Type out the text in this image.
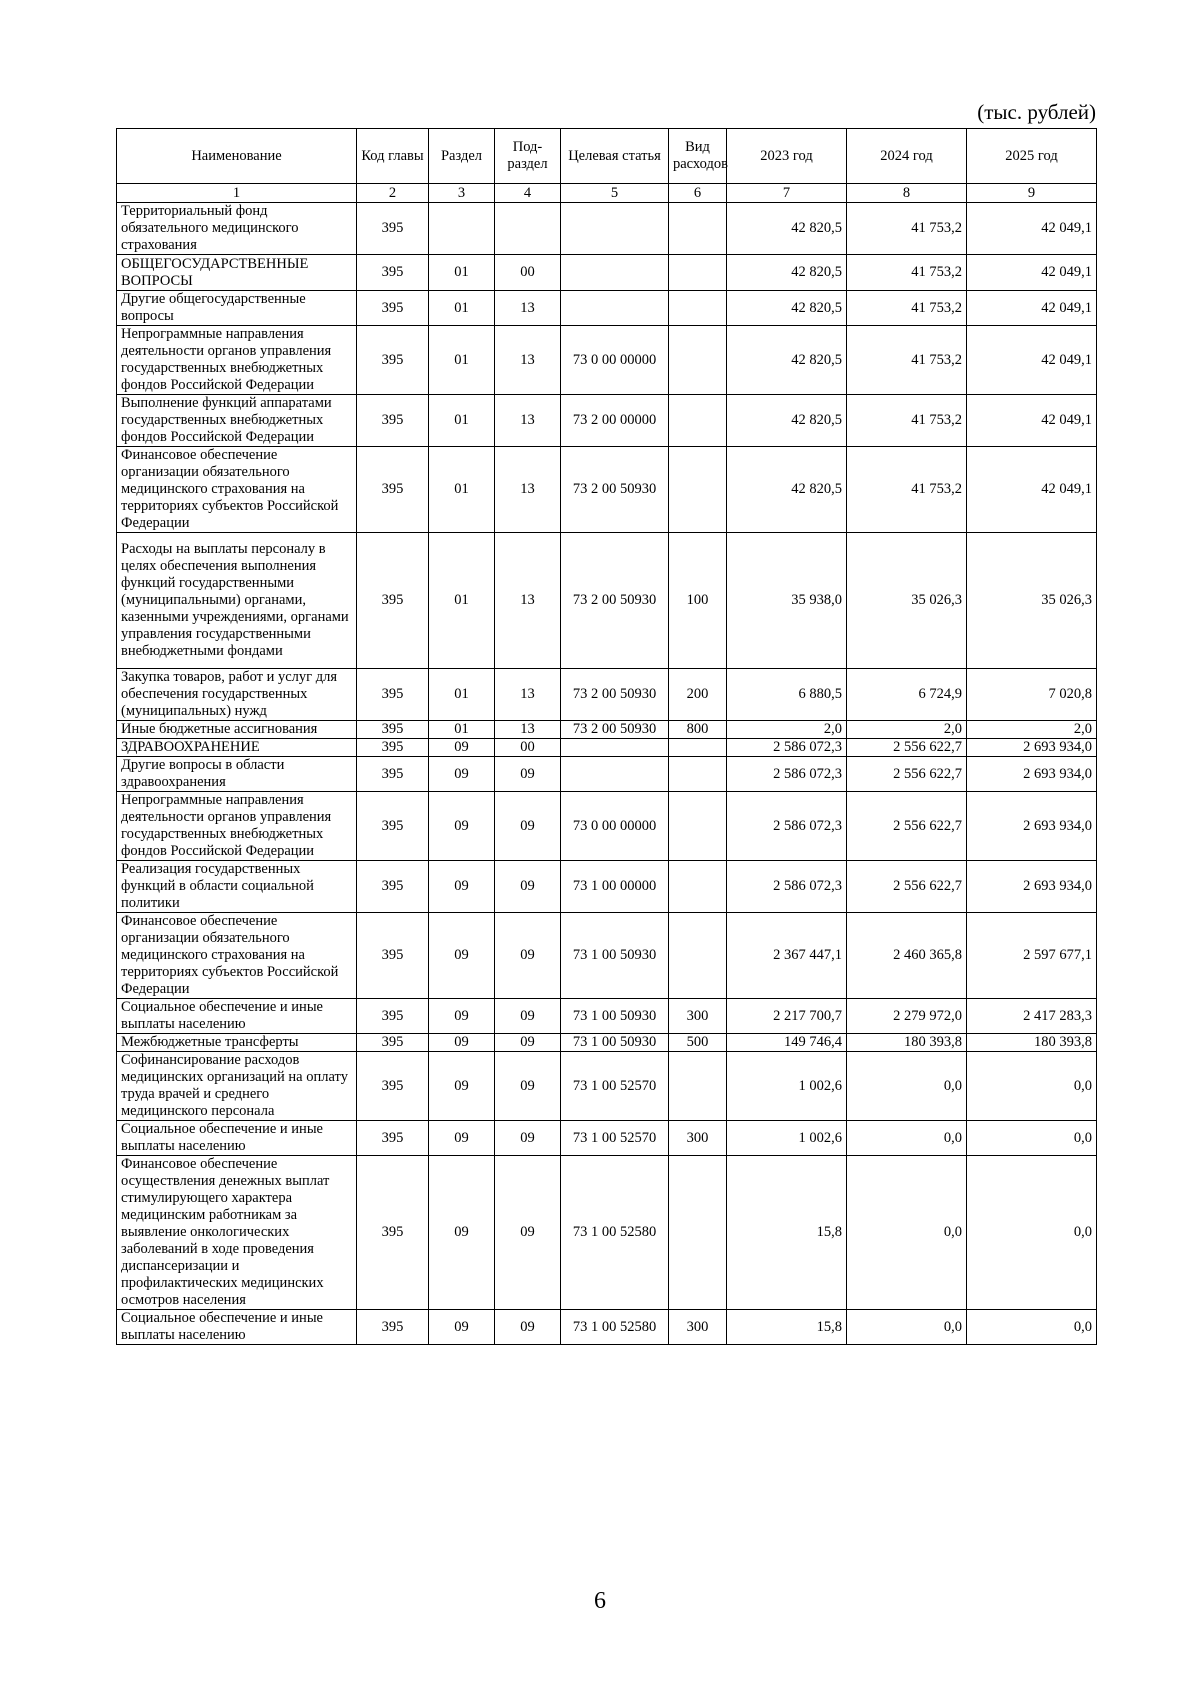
(тыс. рублей)
Наименование	Код главы	Раздел	Под- раздел	Целевая статья	Вид расходов	2023 год	2024 год	2025 год
1	2	3	4	5	6	7	8	9
Территориальный фонд обязательного медицинского страхования	395					42 820,5	41 753,2	42 049,1
ОБЩЕГОСУДАРСТВЕННЫЕ ВОПРОСЫ	395	01	00			42 820,5	41 753,2	42 049,1
Другие общегосударственные вопросы	395	01	13			42 820,5	41 753,2	42 049,1
Непрограммные направления деятельности органов управления государственных внебюджетных фондов Российской Федерации	395	01	13	73 0 00 00000		42 820,5	41 753,2	42 049,1
Выполнение функций аппаратами государственных внебюджетных фондов Российской Федерации	395	01	13	73 2 00 00000		42 820,5	41 753,2	42 049,1
Финансовое обеспечение организации обязательного медицинского страхования на территориях субъектов Российской Федерации	395	01	13	73 2 00 50930		42 820,5	41 753,2	42 049,1
Расходы на выплаты персоналу в целях обеспечения выполнения функций государственными (муниципальными) органами, казенными учреждениями, органами управления государственными внебюджетными фондами	395	01	13	73 2 00 50930	100	35 938,0	35 026,3	35 026,3
Закупка товаров, работ и услуг для обеспечения государственных (муниципальных) нужд	395	01	13	73 2 00 50930	200	6 880,5	6 724,9	7 020,8
Иные бюджетные ассигнования	395	01	13	73 2 00 50930	800	2,0	2,0	2,0
ЗДРАВООХРАНЕНИЕ	395	09	00			2 586 072,3	2 556 622,7	2 693 934,0
Другие вопросы в области здравоохранения	395	09	09			2 586 072,3	2 556 622,7	2 693 934,0
Непрограммные направления деятельности органов управления государственных внебюджетных фондов Российской Федерации	395	09	09	73 0 00 00000		2 586 072,3	2 556 622,7	2 693 934,0
Реализация государственных функций в области социальной политики	395	09	09	73 1 00 00000		2 586 072,3	2 556 622,7	2 693 934,0
Финансовое обеспечение организации обязательного медицинского страхования на территориях субъектов Российской Федерации	395	09	09	73 1 00 50930		2 367 447,1	2 460 365,8	2 597 677,1
Социальное обеспечение и иные выплаты населению	395	09	09	73 1 00 50930	300	2 217 700,7	2 279 972,0	2 417 283,3
Межбюджетные трансферты	395	09	09	73 1 00 50930	500	149 746,4	180 393,8	180 393,8
Софинансирование расходов медицинских организаций на оплату труда врачей и среднего медицинского персонала	395	09	09	73 1 00 52570		1 002,6	0,0	0,0
Социальное обеспечение и иные выплаты населению	395	09	09	73 1 00 52570	300	1 002,6	0,0	0,0
Финансовое обеспечение осуществления денежных выплат стимулирующего характера медицинским работникам за выявление онкологических заболеваний в ходе проведения диспансеризации и профилактических медицинских осмотров населения	395	09	09	73 1 00 52580		15,8	0,0	0,0
Социальное обеспечение и иные выплаты населению	395	09	09	73 1 00 52580	300	15,8	0,0	0,0
6
